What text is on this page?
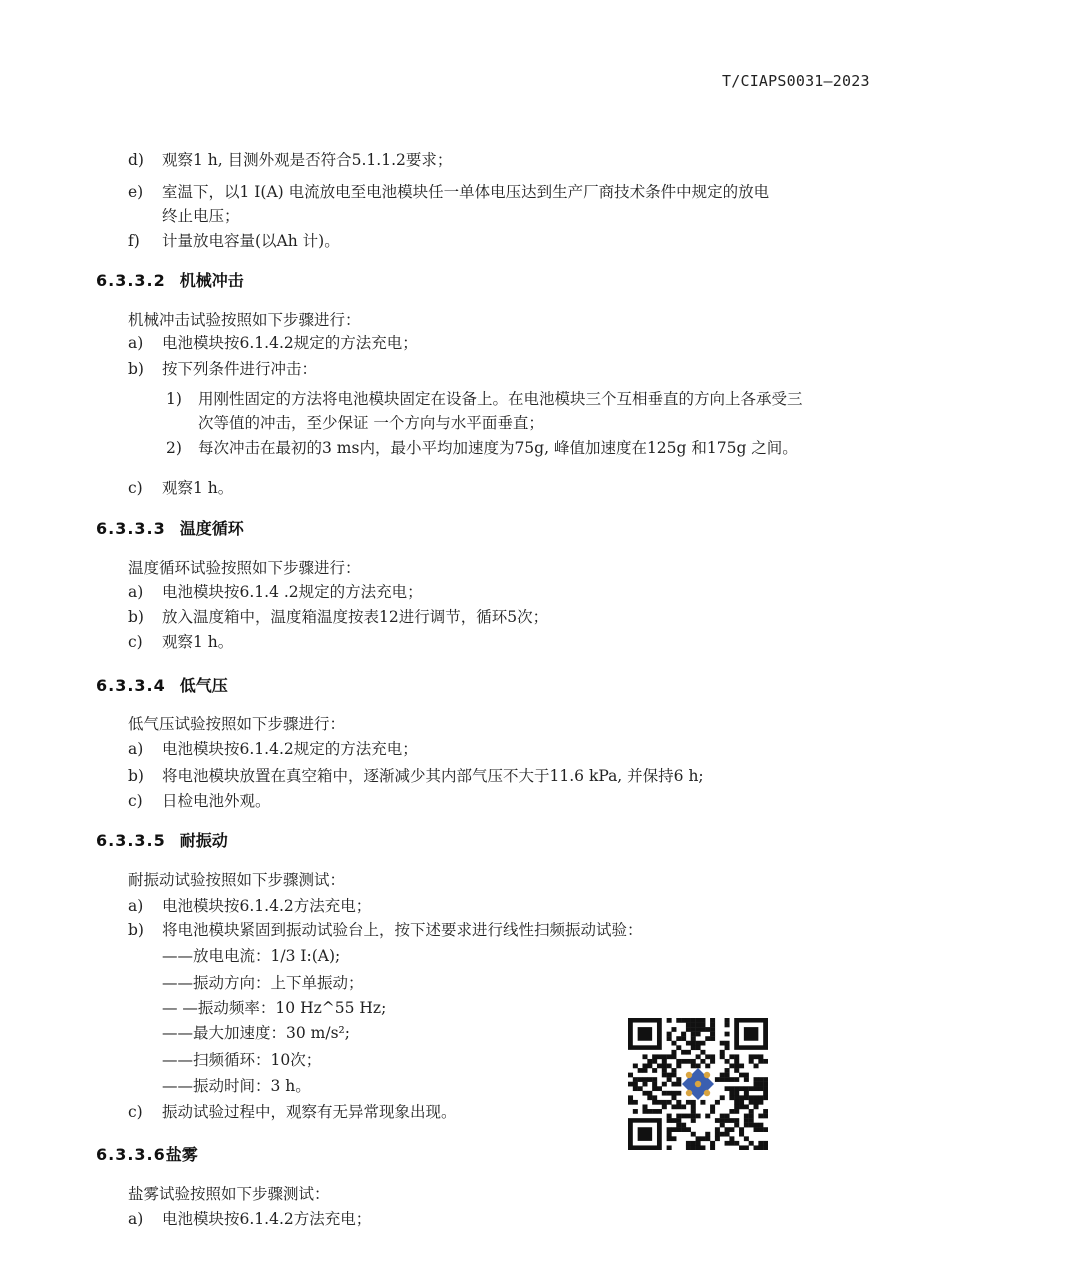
T/CIAPS0031—2023
d) 观察1 h, 目测外观是否符合5.1.1.2要求；
e) 室温下，以1 I(A) 电流放电至电池模块任一单体电压达到生产厂商技术条件中规定的放电
终止电压；
f) 计量放电容量(以Ah 计)。
6.3.3.2 机械冲击
机械冲击试验按照如下步骤进行：
a) 电池模块按6.1.4.2规定的方法充电；
b) 按下列条件进行冲击：
1) 用刚性固定的方法将电池模块固定在设备上。在电池模块三个互相垂直的方向上各承受三
次等值的冲击，至少保证 一个方向与水平面垂直；
2) 每次冲击在最初的3 ms内，最小平均加速度为75g, 峰值加速度在125g 和175g 之间。
c) 观察1 h。
6.3.3.3 温度循环
温度循环试验按照如下步骤进行：
a) 电池模块按6.1.4 .2规定的方法充电；
b) 放入温度箱中，温度箱温度按表12进行调节，循环5次；
c) 观察1 h。
6.3.3.4 低气压
低气压试验按照如下步骤进行：
a) 电池模块按6.1.4.2规定的方法充电；
b) 将电池模块放置在真空箱中，逐渐减少其内部气压不大于11.6 kPa, 并保持6 h;
c) 日检电池外观。
6.3.3.5 耐振动
耐振动试验按照如下步骤测试：
a) 电池模块按6.1.4.2方法充电；
b) 将电池模块紧固到振动试验台上，按下述要求进行线性扫频振动试验：
——放电电流：1/3 I:(A);
——振动方向：上下单振动；
— —振动频率：10 Hz^55 Hz;
——最大加速度：30 m/s²;
——扫频循环：10次；
——振动时间：3 h。
c) 振动试验过程中，观察有无异常现象出现。
6.3.3.6盐雾
盐雾试验按照如下步骤测试：
a) 电池模块按6.1.4.2方法充电；
